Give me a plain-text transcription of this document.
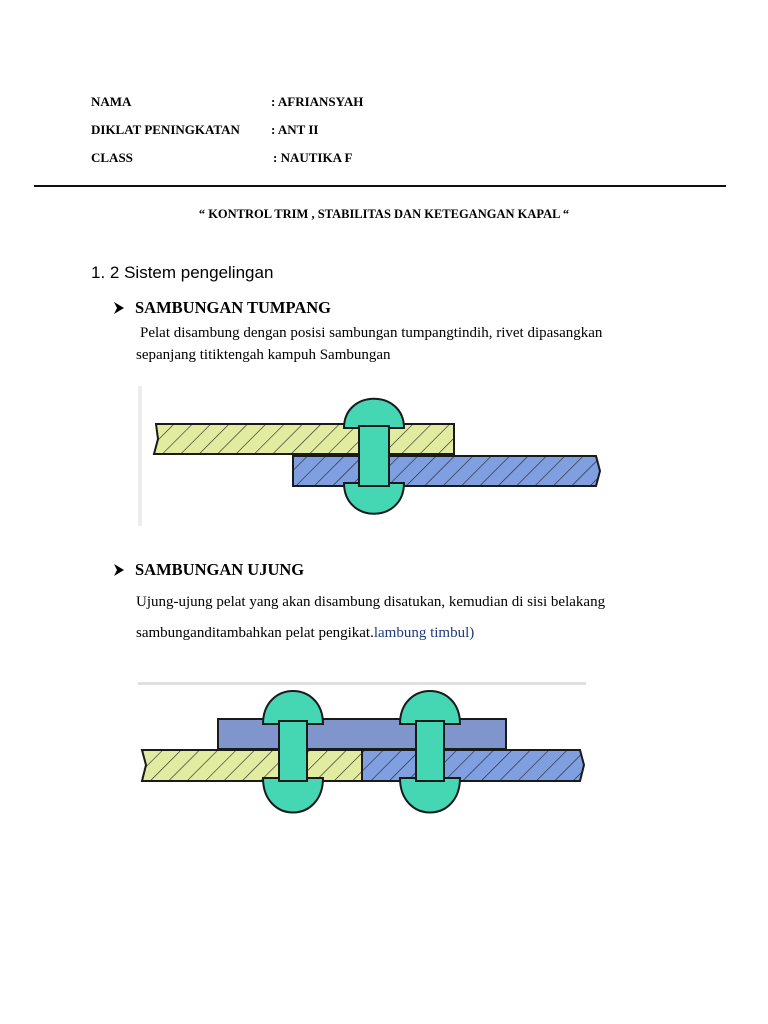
NAMA	: AFRIANSYAH
DIKLAT PENINGKATAN : ANT II
CLASS	: NAUTIKA F
“ KONTROL TRIM , STABILITAS DAN KETEGANGAN KAPAL “
1. 2 Sistem pengelingan
SAMBUNGAN TUMPANG
Pelat disambung dengan posisi sambungan tumpangtindih, rivet dipasangkan
sepanjang titiktengah kampuh Sambungan
SAMBUNGAN UJUNG
Ujung-ujung pelat yang akan disambung disatukan, kemudian di sisi belakang
sambunganditambahkan pelat pengikat.lambung timbul)
